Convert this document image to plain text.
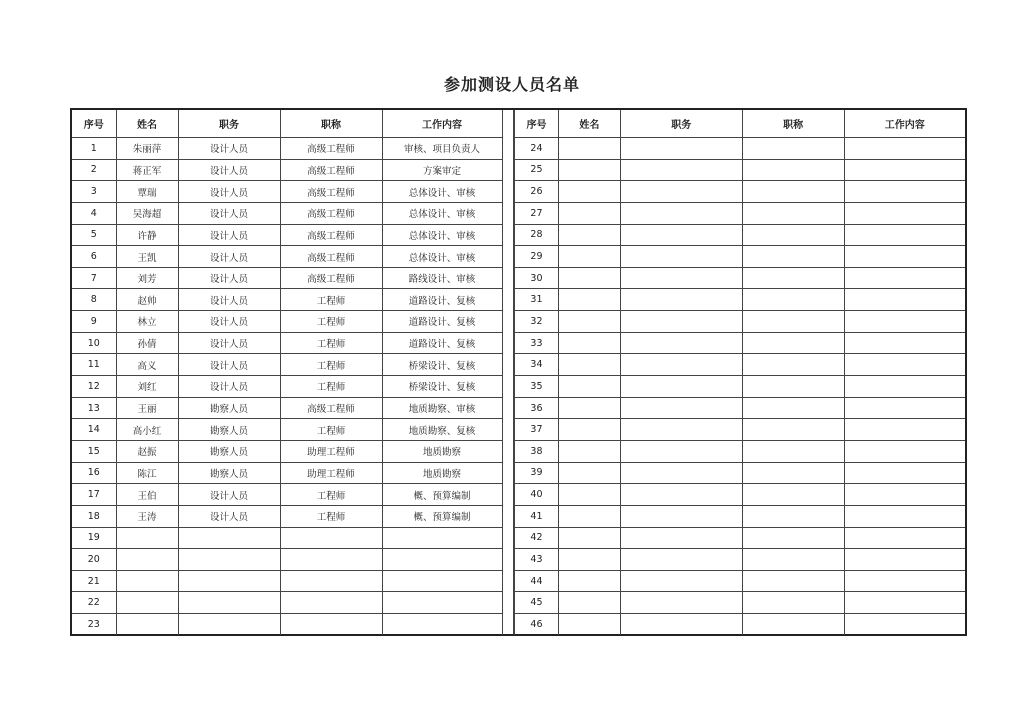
参加测设人员名单
序号	姓名	职务	职称	工作内容
1	朱丽萍	设计人员	高级工程师	审核、项目负责人
2	蒋正军	设计人员	高级工程师	方案审定
3	覃瑞	设计人员	高级工程师	总体设计、审核
4	吴海超	设计人员	高级工程师	总体设计、审核
5	许静	设计人员	高级工程师	总体设计、审核
6	王凯	设计人员	高级工程师	总体设计、审核
7	刘芳	设计人员	高级工程师	路线设计、审核
8	赵帅	设计人员	工程师	道路设计、复核
9	林立	设计人员	工程师	道路设计、复核
10	孙倩	设计人员	工程师	道路设计、复核
11	高义	设计人员	工程师	桥梁设计、复核
12	刘红	设计人员	工程师	桥梁设计、复核
13	王丽	勘察人员	高级工程师	地质勘察、审核
14	高小红	勘察人员	工程师	地质勘察、复核
15	赵振	勘察人员	助理工程师	地质勘察
16	陈江	勘察人员	助理工程师	地质勘察
17	王伯	设计人员	工程师	概、预算编制
18	王涛	设计人员	工程师	概、预算编制
19				
20				
21				
22				
23				
序号	姓名	职务	职称	工作内容
24				
25				
26				
27				
28				
29				
30				
31				
32				
33				
34				
35				
36				
37				
38				
39				
40				
41				
42				
43				
44				
45				
46				
